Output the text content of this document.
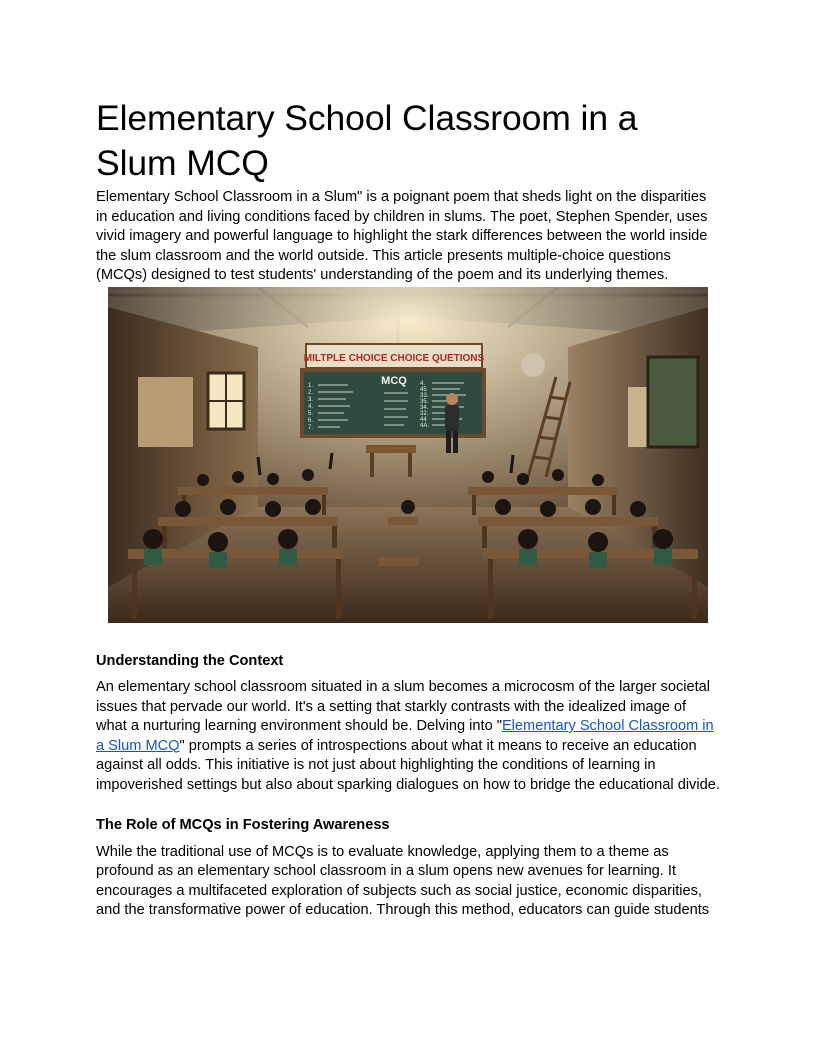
Elementary School Classroom in a Slum MCQ

Elementary School Classroom in a Slum" is a poignant poem that sheds light on the disparities in education and living conditions faced by children in slums. The poet, Stephen Spender, uses vivid imagery and powerful language to highlight the stark differences between the world inside the slum classroom and the world outside. This article presents multiple-choice questions (MCQs) designed to test students' understanding of the poem and its underlying themes.

MILTPLE CHOICE CHOICE QUETIONS
MCQ
1.
2.
3.
4.
5.
6.
7.
4.
45
33.
35.
34.
32.
44
4A.
Understanding the Context

An elementary school classroom situated in a slum becomes a microcosm of the larger societal issues that pervade our world. It's a setting that starkly contrasts with the idealized image of what a nurturing learning environment should be. Delving into "Elementary School Classroom in a Slum MCQ" prompts a series of introspections about what it means to receive an education against all odds. This initiative is not just about highlighting the conditions of learning in impoverished settings but also about sparking dialogues on how to bridge the educational divide.

The Role of MCQs in Fostering Awareness

While the traditional use of MCQs is to evaluate knowledge, applying them to a theme as profound as an elementary school classroom in a slum opens new avenues for learning. It encourages a multifaceted exploration of subjects such as social justice, economic disparities, and the transformative power of education. Through this method, educators can guide students
